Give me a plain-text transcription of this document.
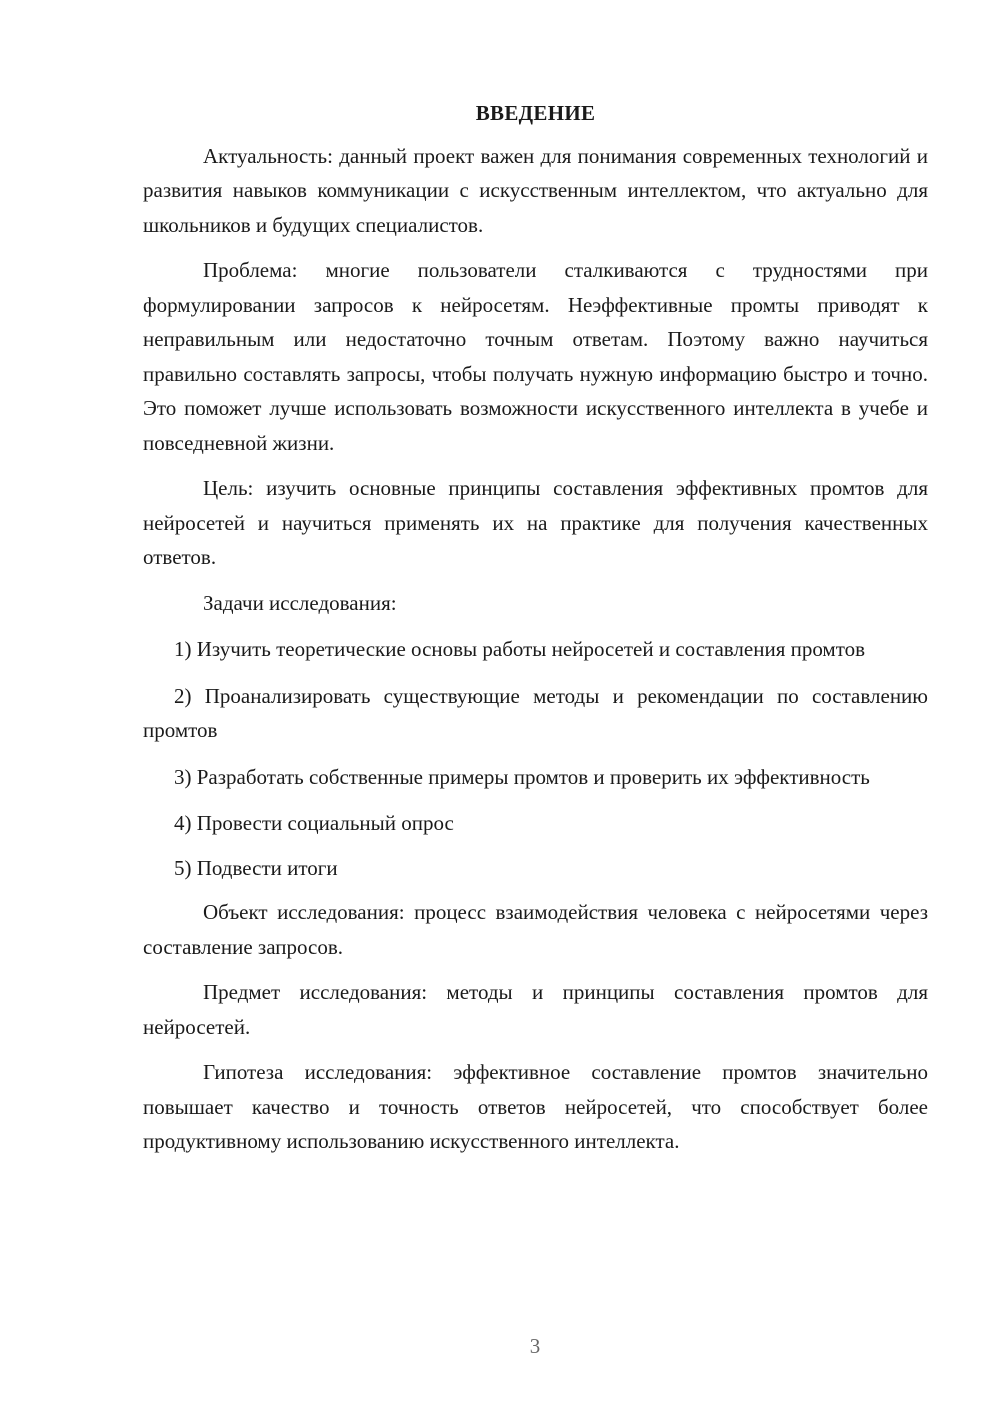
ВВЕДЕНИЕ

Актуальность: данный проект важен для понимания современных технологий и развития навыков коммуникации с искусственным интеллектом, что актуально для школьников и будущих специалистов.

Проблема: многие пользователи сталкиваются с трудностями при формулировании запросов к нейросетям. Неэффективные промты приводят к неправильным или недостаточно точным ответам. Поэтому важно научиться правильно составлять запросы, чтобы получать нужную информацию быстро и точно. Это поможет лучше использовать возможности искусственного интеллекта в учебе и повседневной жизни.

Цель: изучить основные принципы составления эффективных промтов для нейросетей и научиться применять их на практике для получения качественных ответов.

Задачи исследования:

1) Изучить теоретические основы работы нейросетей и составления промтов

2) Проанализировать существующие методы и рекомендации по составлению промтов

3) Разработать собственные примеры промтов и проверить их эффективность

4) Провести социальный опрос

5) Подвести итоги

Объект исследования: процесс взаимодействия человека с нейросетями через составление запросов.

Предмет исследования: методы и принципы составления промтов для нейросетей.

Гипотеза исследования: эффективное составление промтов значительно повышает качество и точность ответов нейросетей, что способствует более продуктивному использованию искусственного интеллекта.

3
